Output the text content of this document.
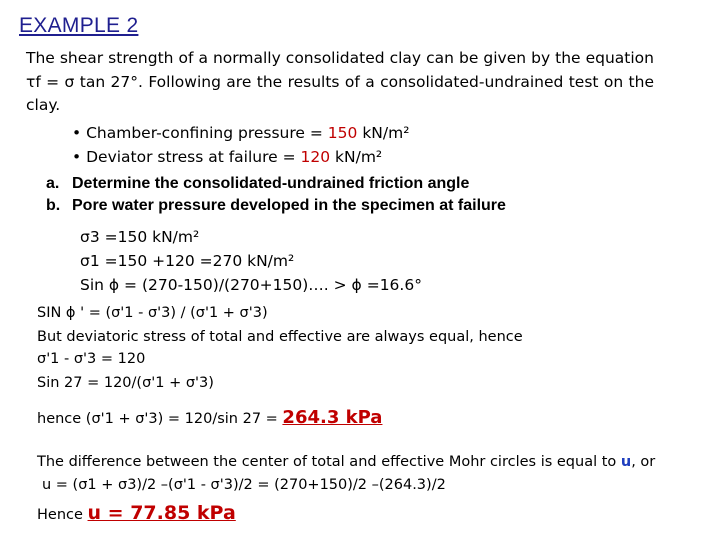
EXAMPLE 2
The shear strength of a normally consolidated clay can be given by the equation τf = σ tan 27°. Following are the results of a consolidated-undrained test on the clay.
• Chamber-confining pressure = 150 kN/m²
• Deviator stress at failure = 120 kN/m²
a. Determine the consolidated-undrained friction angle
b. Pore water pressure developed in the specimen at failure
σ3 =150 kN/m²
σ1 =150 +120 =270 kN/m²
Sin ϕ = (270-150)/(270+150)…. > ϕ =16.6°
SIN ϕ ' = (σ'1 - σ'3) / (σ'1 + σ'3)
But deviatoric stress of total and effective are always equal, hence
σ'1 - σ'3 = 120
Sin 27 = 120/(σ'1 + σ'3)
hence (σ'1 + σ'3) = 120/sin 27 = 264.3 kPa
The difference between the center of total and effective Mohr circles is equal to u, or
u = (σ1 + σ3)/2 –(σ'1 - σ'3)/2 = (270+150)/2 –(264.3)/2
Hence u = 77.85 kPa
